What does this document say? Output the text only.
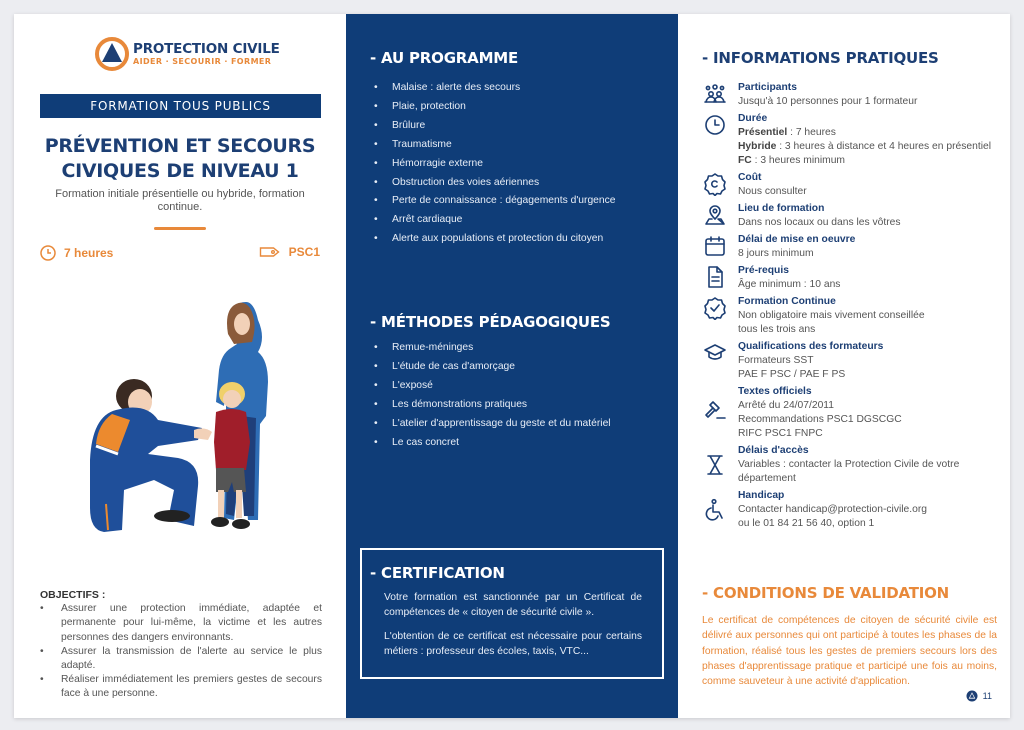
PROTECTION CIVILE
AIDER · SECOURIR · FORMER
FORMATION TOUS PUBLICS
PRÉVENTION ET SECOURS
CIVIQUES DE NIVEAU 1
Formation initiale présentielle ou hybride, formation continue.
7 heures	PSC1
OBJECTIFS :
• Assurer une protection immédiate, adaptée et permanente pour lui-même, la victime et les autres personnes des dangers environnants.
• Assurer la transmission de l'alerte au service le plus adapté.
• Réaliser immédiatement les premiers gestes de secours face à une personne.
- AU PROGRAMME
• Malaise : alerte des secours
• Plaie, protection
• Brûlure
• Traumatisme
• Hémorragie externe
• Obstruction des voies aériennes
• Perte de connaissance : dégagements d'urgence
• Arrêt cardiaque
• Alerte aux populations et protection du citoyen
- MÉTHODES PÉDAGOGIQUES
• Remue-méninges
• L'étude de cas d'amorçage
• L'exposé
• Les démonstrations pratiques
• L'atelier d'apprentissage du geste et du matériel
• Le cas concret
- CERTIFICATION

Votre formation est sanctionnée par un Certificat de compétences de « citoyen de sécurité civile ».

L'obtention de ce certificat est nécessaire pour certains métiers : professeur des écoles, taxis, VTC...

- INFORMATIONS PRATIQUES
Participants
Jusqu'à 10 personnes pour 1 formateur
Durée
Présentiel : 7 heures
Hybride : 3 heures à distance et 4 heures en présentiel
FC : 3 heures minimum
Coût
Nous consulter
Lieu de formation
Dans nos locaux ou dans les vôtres
Délai de mise en oeuvre
8 jours minimum
Pré-requis
Âge minimum : 10 ans
Formation Continue
Non obligatoire mais vivement conseillée
tous les trois ans
Qualifications des formateurs
Formateurs SST
PAE F PSC / PAE F PS
Textes officiels
Arrêté du 24/07/2011
Recommandations PSC1 DGSCGC
RIFC PSC1 FNPC
Délais d'accès
Variables : contacter la Protection Civile de votre département
Handicap
Contacter handicap@protection-civile.org
ou le 01 84 21 56 40, option 1
- CONDITIONS DE VALIDATION

Le certificat de compétences de citoyen de sécurité civile est délivré aux personnes qui ont participé à toutes les phases de la formation, réalisé tous les gestes de premiers secours lors des phases d'apprentissage pratique et participé une fois au moins, comme sauveteur à une activité d'application.

11
